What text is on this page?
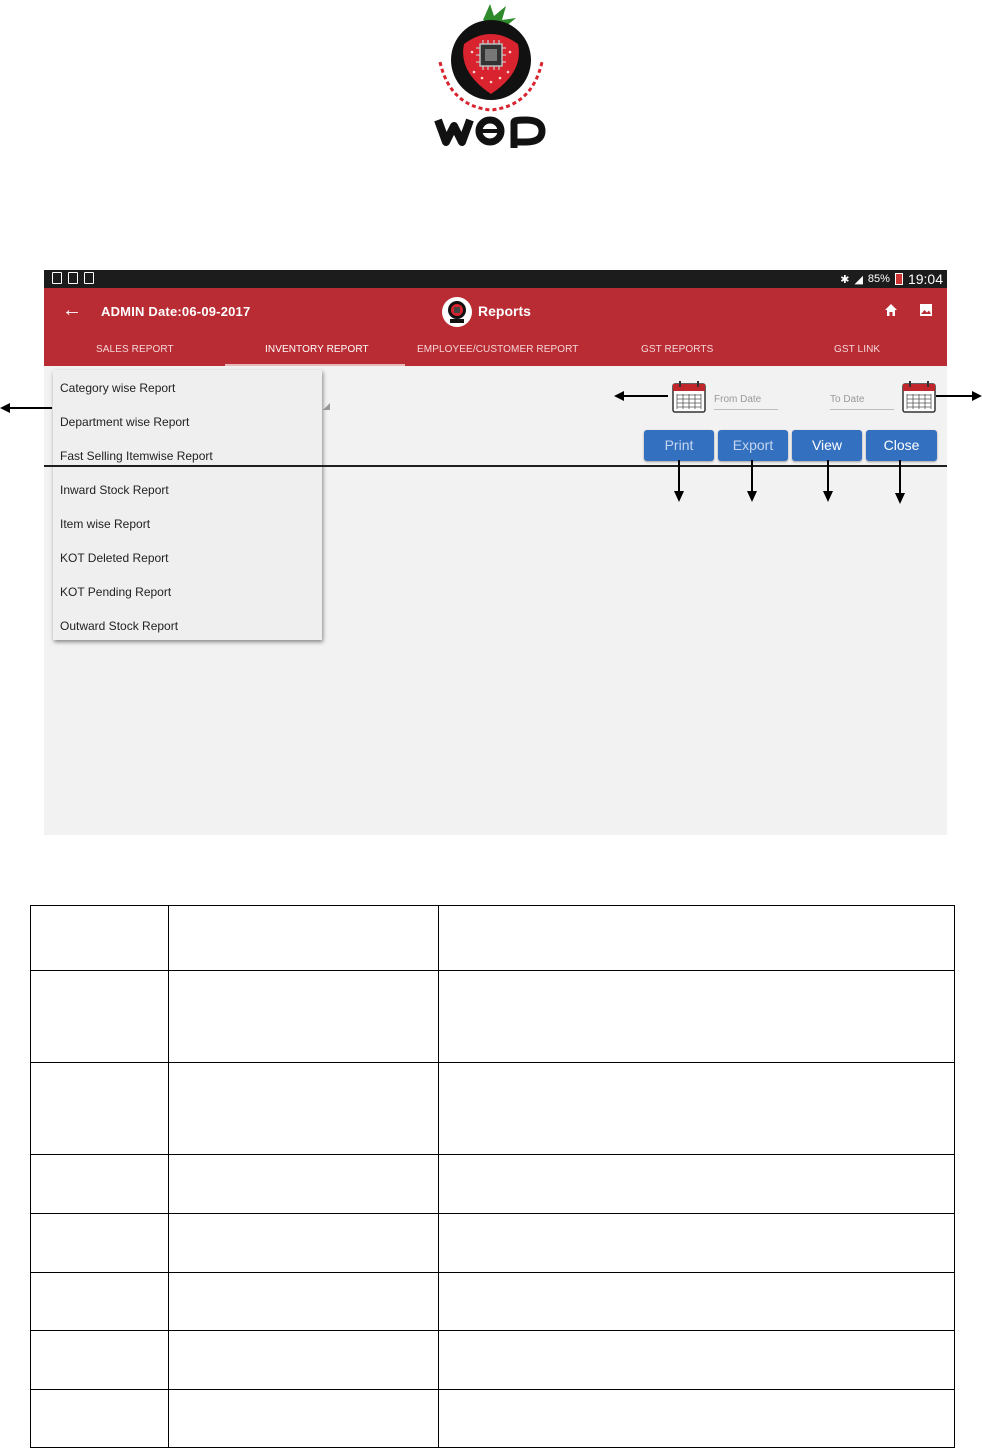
✱ ◢ 85% 19:04
← ADMIN Date:06-09-2017	Reports
SALES REPORT	INVENTORY REPORT	EMPLOYEE/CUSTOMER REPORT	GST REPORTS	GST LINK
Category wise Report
Department wise Report
Fast Selling Itemwise Report
Inward Stock Report
Item wise Report
KOT Deleted Report
KOT Pending Report
Outward Stock Report
From Date	To Date
Print	Export	View	Close
